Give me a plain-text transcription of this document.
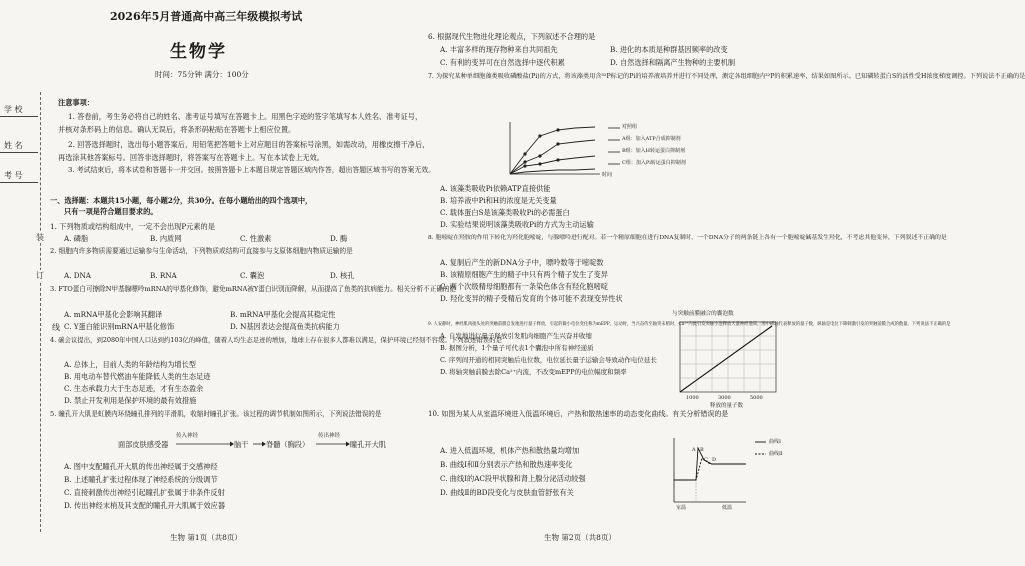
2026年5月普通高中高三年级模拟考试
生物学
时间：75分钟 满分：100分
学 校
姓 名
考 号
装
订
线
注意事项：
1. 答卷前，考生务必将自己的姓名、准考证号填写在答题卡上。用黑色字迹的签字笔填写本人姓名、准考证号，
并核对条形码上的信息。确认无误后，将条形码粘贴在答题卡上相应位置。
2. 回答选择题时，选出每小题答案后，用铅笔把答题卡上对应题目的答案标号涂黑，如需改动，用橡皮擦干净后，
再选涂其他答案标号。回答非选择题时，将答案写在答题卡上。写在本试卷上无效。
3. 考试结束后，将本试卷和答题卡一并交回。按照答题卡上本题目规定答题区域内作答，超出答题区域书写的答案无效。
一、选择题：本题共15小题，每小题2分，共30分。在每小题给出的四个选项中，
只有一项是符合题目要求的。
1. 下列物质或结构组成中，一定不会出现P元素的是
A. 磷脂	B. 内质网	C. 性激素	D. 酶
2. 细胞内许多物质需要通过运输参与生命活动，下列物质或结构可直接参与支原体细胞内物质运输的是
A. DNA	B. RNA	C. 囊泡	D. 核孔
3. FTO蛋白可擦除N甲基腺嘌呤mRNA的甲基化修饰，避免mRNA被Y蛋白识别而降解，从而提高了鱼类的抗病能力。相关分析不正确的是
A. mRNA甲基化会影响其翻译	B. mRNA甲基化会提高其稳定性
C. Y蛋白能识别mRNA甲基化修饰	D. N基因表达会提高鱼类抗病能力
4. 碳会议提出，到2080年中国人口达到约103亿的峰值，随着人均生态足迹的增加，地球上存在很多人都难以满足，保护环境已经刻不容缓。下列叙述错误的是
A. 总体上，目前人类的年龄结构为增长型
B. 用电动车替代燃油车能降低人类的生态足迹
C. 生态承载力大于生态足迹，才有生态盈余
D. 禁止开发利用是保护环境的最有效措施
5. 瞳孔开大肌是虹膜内环绕瞳孔排列的平滑肌，收缩时瞳孔扩张。该过程的调节机制如图所示，下列说法错误的是
面部皮肤感受器
传入神经
脑干 脊髓（胸段）
传出神经
瞳孔开大肌
A. 图中支配瞳孔开大肌的传出神经属于交感神经
B. 上述瞳孔扩张过程体现了神经系统的分级调节
C. 直接刺激传出神经引起瞳孔扩张属于非条件反射
D. 传出神经末梢及其支配的瞳孔开大肌属于效应器
生物 第1页（共8页）
6. 根据现代生物进化理论观点，下列叙述不合理的是
A. 丰富多样的现存物种来自共同祖先	B. 进化的本质是种群基因频率的改变
C. 有利的变异可在自然选择中逐代积累	D. 自然选择和隔离产生物种的主要机制
7. 为探究某种单细胞藻类吸收磷酸盐(Pi)的方式，将该藻类用含³²P标记的Pi的培养液培养并进行不同处理，测定各组细胞内³²P的积累速率，结果如图所示。已知磷转蛋白S的活性受H浓度梯度调控。下列说法不正确的是
对照组
A组：加入ATP合成抑制剂
B组：加入H转运蛋白抑制剂
C组：加入Pi转运蛋白抑制剂
时间
A. 该藻类吸收Pi依赖ATP直接供能
B. 培养液中Pi和H的浓度是无关变量
C. 载体蛋白S是该藻类吸收Pi的必需蛋白
D. 实验结果说明该藻类吸收Pi的方式为主动运输
8. 胞嘧啶在羟胺的作用下转化为羟化胞嘧啶，与腺嘌呤进行配对。若一个精原细胞在进行DNA复制时，一个DNA分子的两条链上各有一个胞嘧啶碱基发生羟化，不考虑其他变异，下列叙述不正确的是
A. 复制后产生的新DNA分子中，嘌呤数等于嘧啶数
B. 该精原细胞产生的精子中只有两个精子发生了变异
C. 两个次级精母细胞都有一条染色体含有羟化胞嘧啶
D. 羟化变异的精子受精后发育的个体可能不表现变异性状
9. 人安静时，神经肌肉接头处的突触前膜自发地进行量子释放，引起的微小电位变化称为mEPP。运动时，当兴奋传至轴突末梢时，Ca²⁺内流引发突触小泡释放大量神经递质，图中横轴代表释放的量子数，纵轴是电位下降刺激引发的突触前膜合成的数量。下列说法不正确的是
A. 自发地进行量子释放引发肌肉细胞产生兴奋并收缩
B. 据图分析，1个量子可代表1个囊泡中所有神经递质
C. 序列间开通的相同突触后电位数，电位延长量子运输会导致动作电位延长
D. 将轴突触前膜去除Ca²⁺内流，不改变mEPP的电位幅度和频率
与突触前膜融合的囊泡数
1000	3000	5000
释放的量子数
10. 如图为某人从室温环境进入低温环境后，产热和散热速率的动态变化曲线。有关分析错误的是
A. 进入低温环境，机体产热和散热量均增加
B. 曲线Ⅰ和Ⅱ分别表示产热和散热速率变化
C. 曲线Ⅰ的AC段甲状腺和肾上腺分泌活动较强
D. 曲线Ⅱ的BD段变化与皮肤血管舒张有关
A B
C D
室温	低温
曲线Ⅰ
曲线Ⅱ
生物 第2页（共8页）
